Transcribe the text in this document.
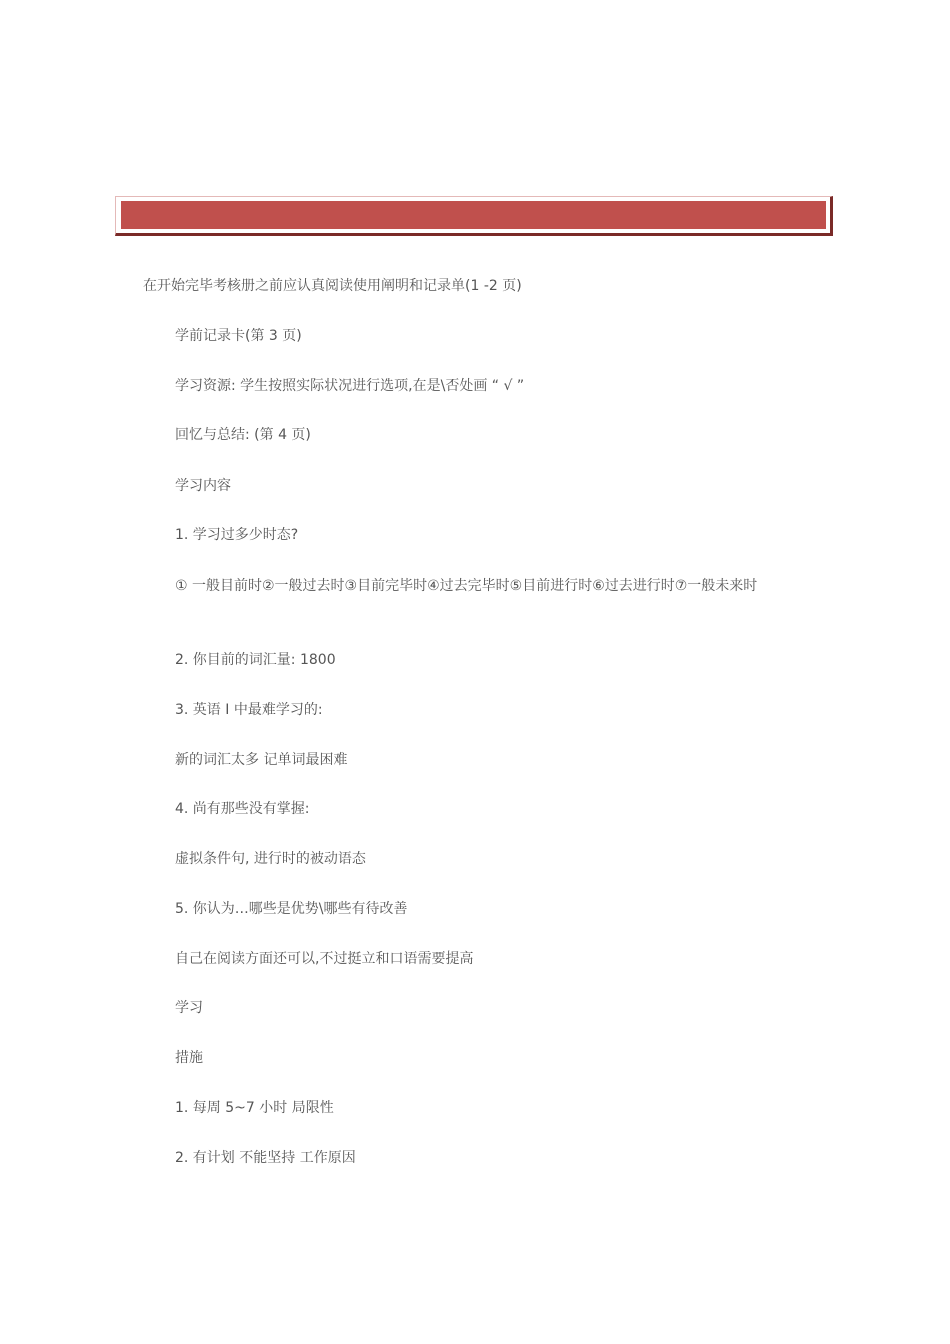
在开始完毕考核册之前应认真阅读使用阐明和记录单(1 -2 页)
学前记录卡(第 3 页)
学习资源: 学生按照实际状况进行选项,在是\否处画 “ √ ”
回忆与总结: (第 4 页)
学习内容
1. 学习过多少时态?
① 一般目前时②一般过去时③目前完毕时④过去完毕时⑤目前进行时⑥过去进行时⑦一般未来时
2. 你目前的词汇量: 1800
3. 英语 I 中最难学习的:
新的词汇太多 记单词最困难
4. 尚有那些没有掌握:
虚拟条件句, 进行时的被动语态
5. 你认为…哪些是优势\哪些有待改善
自己在阅读方面还可以,不过挺立和口语需要提高
学习
措施
1. 每周 5~7 小时 局限性
2. 有计划 不能坚持 工作原因
